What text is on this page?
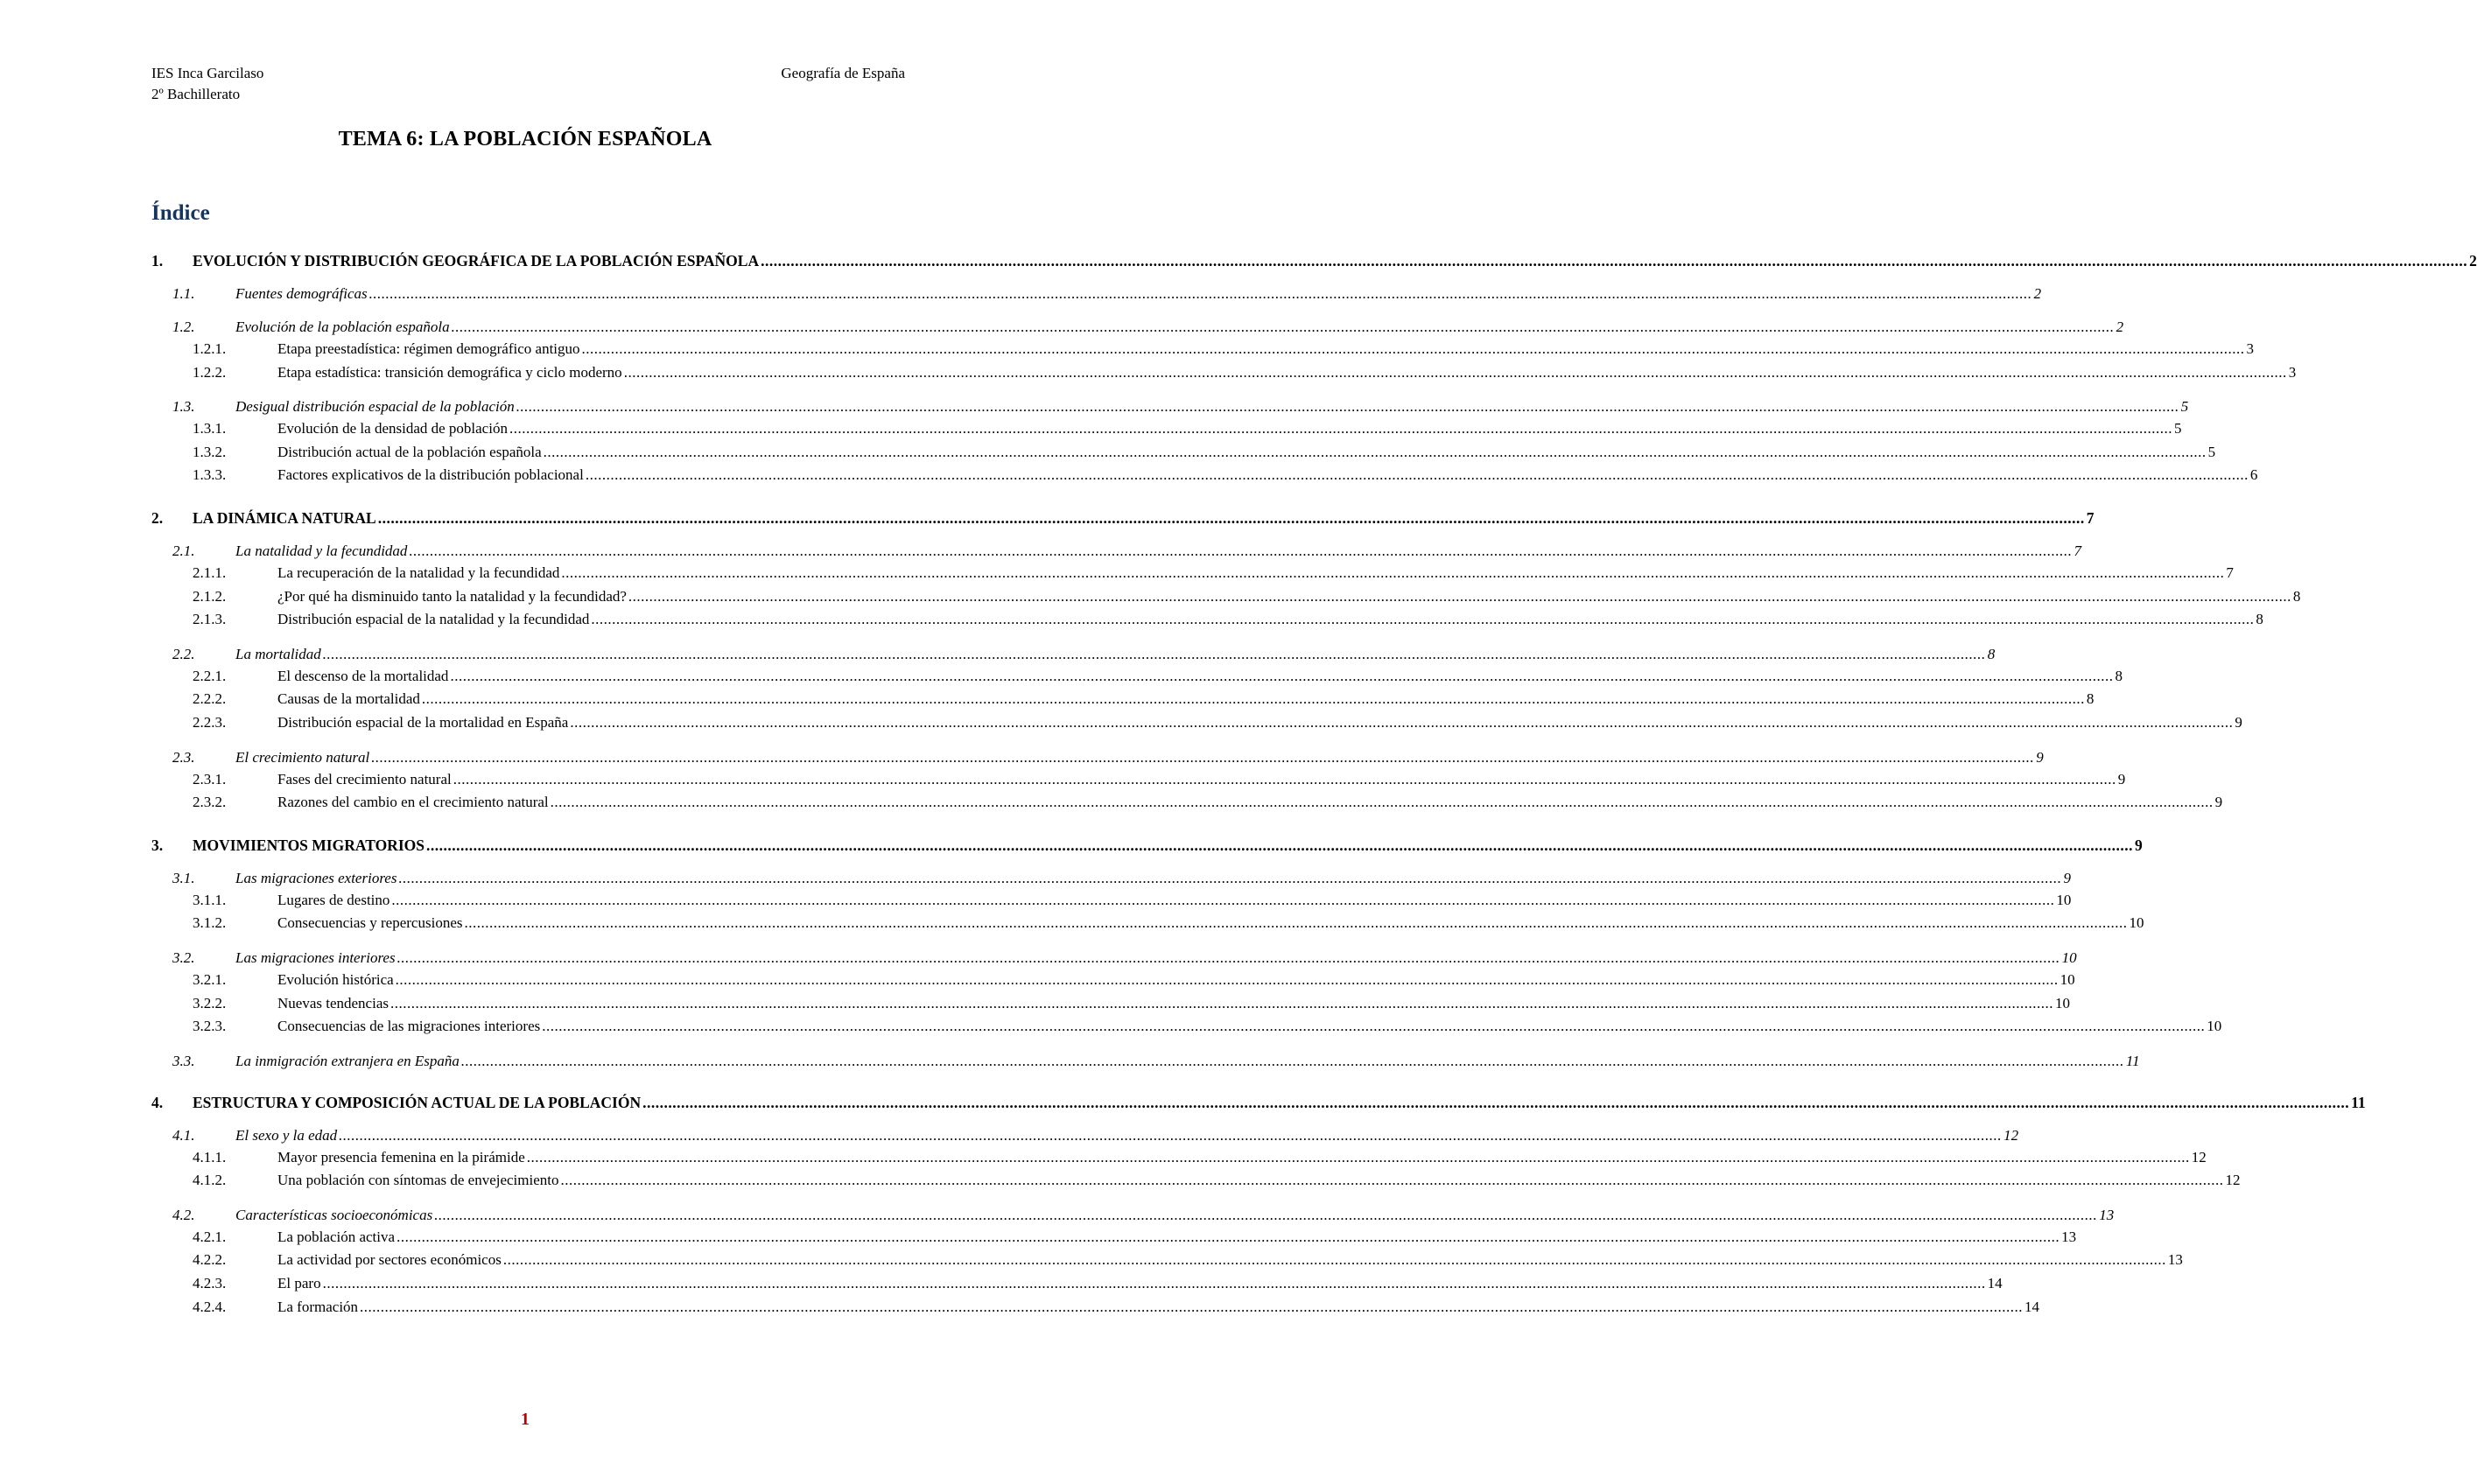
IES Inca Garcilaso
2º Bachillerato
Geografía de España
TEMA 6: LA POBLACIÓN ESPAÑOLA
Índice
1.	EVOLUCIÓN Y DISTRIBUCIÓN GEOGRÁFICA DE LA POBLACIÓN ESPAÑOLA ................................................................................................................................................................................................................................................................................................................................................................................................................ 2
1.1.	Fuentes demográficas ................................................................................................................................................................................................................................................................................................................................................................................................................ 2
1.2.	Evolución de la población española ................................................................................................................................................................................................................................................................................................................................................................................................................ 2
1.2.1.	Etapa preestadística: régimen demográfico antiguo ................................................................................................................................................................................................................................................................................................................................................................................................................ 3
1.2.2.	Etapa estadística: transición demográfica y ciclo moderno ................................................................................................................................................................................................................................................................................................................................................................................................................ 3
1.3.	Desigual distribución espacial de la población ................................................................................................................................................................................................................................................................................................................................................................................................................ 5
1.3.1.	Evolución de la densidad de población ................................................................................................................................................................................................................................................................................................................................................................................................................ 5
1.3.2.	Distribución actual de la población española ................................................................................................................................................................................................................................................................................................................................................................................................................ 5
1.3.3.	Factores explicativos de la distribución poblacional ................................................................................................................................................................................................................................................................................................................................................................................................................ 6
2.	LA DINÁMICA NATURAL ................................................................................................................................................................................................................................................................................................................................................................................................................ 7
2.1.	La natalidad y la fecundidad ................................................................................................................................................................................................................................................................................................................................................................................................................ 7
2.1.1.	La recuperación de la natalidad y la fecundidad ................................................................................................................................................................................................................................................................................................................................................................................................................ 7
2.1.2.	¿Por qué ha disminuido tanto la natalidad y la fecundidad? ................................................................................................................................................................................................................................................................................................................................................................................................................ 8
2.1.3.	Distribución espacial de la natalidad y la fecundidad ................................................................................................................................................................................................................................................................................................................................................................................................................ 8
2.2.	La mortalidad ................................................................................................................................................................................................................................................................................................................................................................................................................ 8
2.2.1.	El descenso de la mortalidad ................................................................................................................................................................................................................................................................................................................................................................................................................ 8
2.2.2.	Causas de la mortalidad ................................................................................................................................................................................................................................................................................................................................................................................................................ 8
2.2.3.	Distribución espacial de la mortalidad en España ................................................................................................................................................................................................................................................................................................................................................................................................................ 9
2.3.	El crecimiento natural ................................................................................................................................................................................................................................................................................................................................................................................................................ 9
2.3.1.	Fases del crecimiento natural ................................................................................................................................................................................................................................................................................................................................................................................................................ 9
2.3.2.	Razones del cambio en el crecimiento natural ................................................................................................................................................................................................................................................................................................................................................................................................................ 9
3.	MOVIMIENTOS MIGRATORIOS ................................................................................................................................................................................................................................................................................................................................................................................................................ 9
3.1.	Las migraciones exteriores ................................................................................................................................................................................................................................................................................................................................................................................................................ 9
3.1.1.	Lugares de destino ................................................................................................................................................................................................................................................................................................................................................................................................................ 10
3.1.2.	Consecuencias y repercusiones ................................................................................................................................................................................................................................................................................................................................................................................................................ 10
3.2.	Las migraciones interiores ................................................................................................................................................................................................................................................................................................................................................................................................................ 10
3.2.1.	Evolución histórica ................................................................................................................................................................................................................................................................................................................................................................................................................ 10
3.2.2.	Nuevas tendencias ................................................................................................................................................................................................................................................................................................................................................................................................................ 10
3.2.3.	Consecuencias de las migraciones interiores ................................................................................................................................................................................................................................................................................................................................................................................................................ 10
3.3.	La inmigración extranjera en España ................................................................................................................................................................................................................................................................................................................................................................................................................ 11
4.	ESTRUCTURA Y COMPOSICIÓN ACTUAL DE LA POBLACIÓN ................................................................................................................................................................................................................................................................................................................................................................................................................ 11
4.1.	El sexo y la edad ................................................................................................................................................................................................................................................................................................................................................................................................................ 12
4.1.1.	Mayor presencia femenina en la pirámide ................................................................................................................................................................................................................................................................................................................................................................................................................ 12
4.1.2.	Una población con síntomas de envejecimiento ................................................................................................................................................................................................................................................................................................................................................................................................................ 12
4.2.	Características socioeconómicas ................................................................................................................................................................................................................................................................................................................................................................................................................ 13
4.2.1.	La población activa ................................................................................................................................................................................................................................................................................................................................................................................................................ 13
4.2.2.	La actividad por sectores económicos ................................................................................................................................................................................................................................................................................................................................................................................................................ 13
4.2.3.	El paro ................................................................................................................................................................................................................................................................................................................................................................................................................ 14
4.2.4.	La formación ................................................................................................................................................................................................................................................................................................................................................................................................................ 14
1
